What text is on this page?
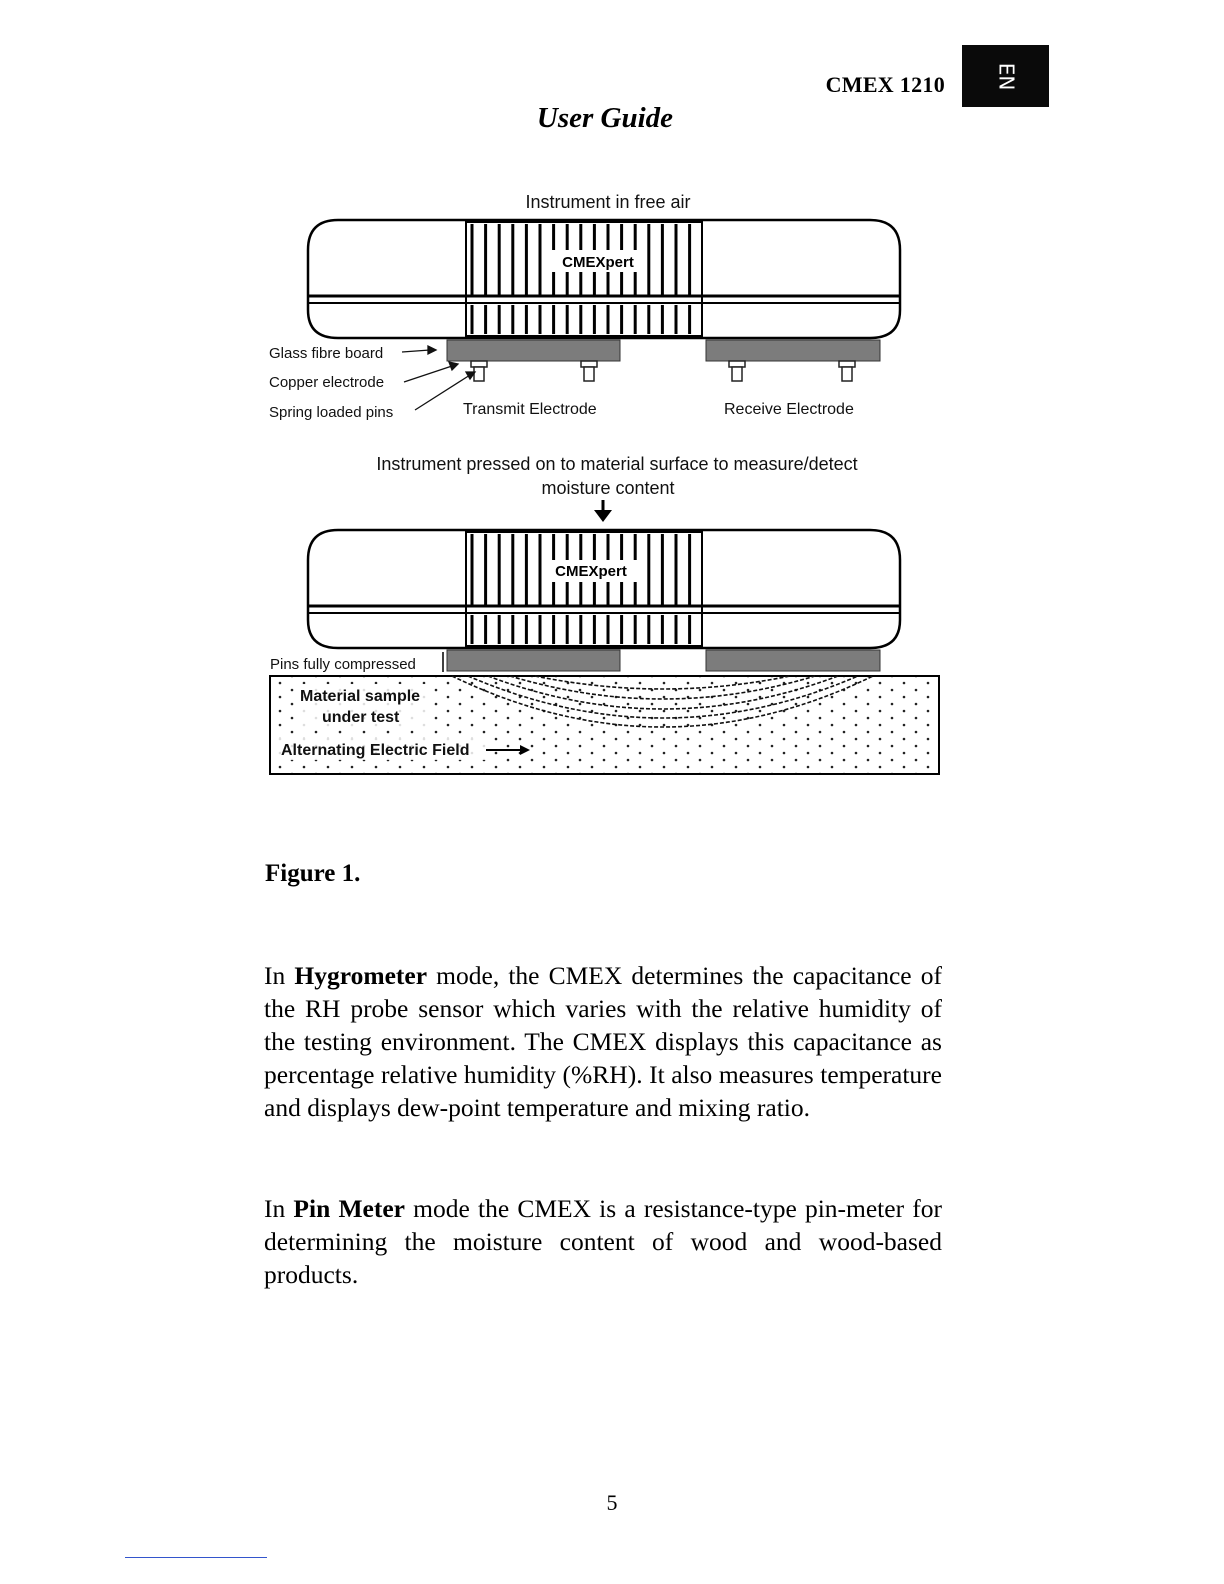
CMEX 1210 EN
User Guide
Instrument in free air
CMEXpert
Glass fibre board
Copper electrode
Spring loaded pins	Transmit Electrode	Receive Electrode
Instrument pressed on to material surface to measure/detect
moisture content
CMEXpert
Pins fully compressed
Material sample
under test
Alternating Electric Field
Figure 1.

In Hygrometer mode, the CMEX determines the capacitance of the RH probe sensor which varies with the relative humidity of the testing environment. The CMEX displays this capacitance as percentage relative humidity (%RH). It also measures temperature and displays dew-point temperature and mixing ratio.

In Pin Meter mode the CMEX is a resistance-type pin-meter for determining the moisture content of wood and wood-based products.

5
